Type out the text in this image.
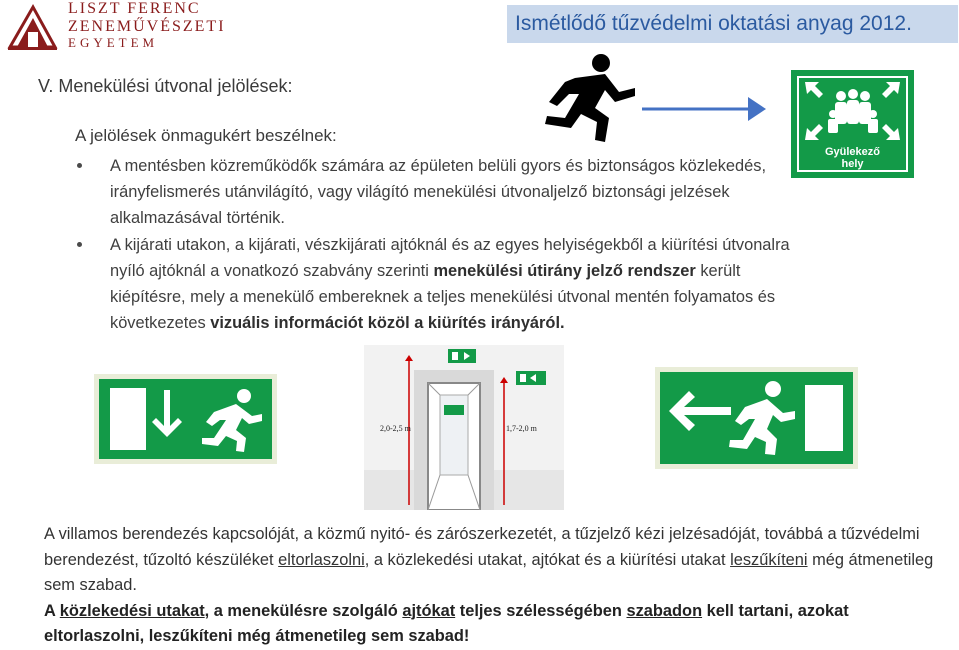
LISZT FERENC
ZENEMŰVÉSZETI
EGYETEM
Ismétlődő tűzvédelmi oktatási anyag 2012.
V. Menekülési útvonal jelölések:
A jelölések önmagukért beszélnek:
Gyülekező
hely
A mentésben közreműködők számára az épületen belüli gyors és biztonságos közlekedés, irányfelismerés utánvilágító, vagy világító menekülési útvonaljelző biztonsági jelzések alkalmazásával történik.
A kijárati utakon, a kijárati, vészkijárati ajtóknál és az egyes helyiségekből a kiürítési útvonalra nyíló ajtóknál a vonatkozó szabvány szerinti menekülési útirány jelző rendszer került kiépítésre, mely a menekülő embereknek a teljes menekülési útvonal mentén folyamatos és következetes vizuális információt közöl a kiürítés irányáról.
2,0-2,5 m	1,7-2,0 m
A villamos berendezés kapcsolóját, a közmű nyitó- és zárószerkezetét, a tűzjelző kézi jelzésadóját, továbbá a tűzvédelmi berendezést, tűzoltó készüléket eltorlaszolni, a közlekedési utakat, ajtókat és a kiürítési utakat leszűkíteni még átmenetileg sem szabad.
A közlekedési utakat, a menekülésre szolgáló ajtókat teljes szélességében szabadon kell tartani, azokat eltorlaszolni, leszűkíteni még átmenetileg sem szabad!
